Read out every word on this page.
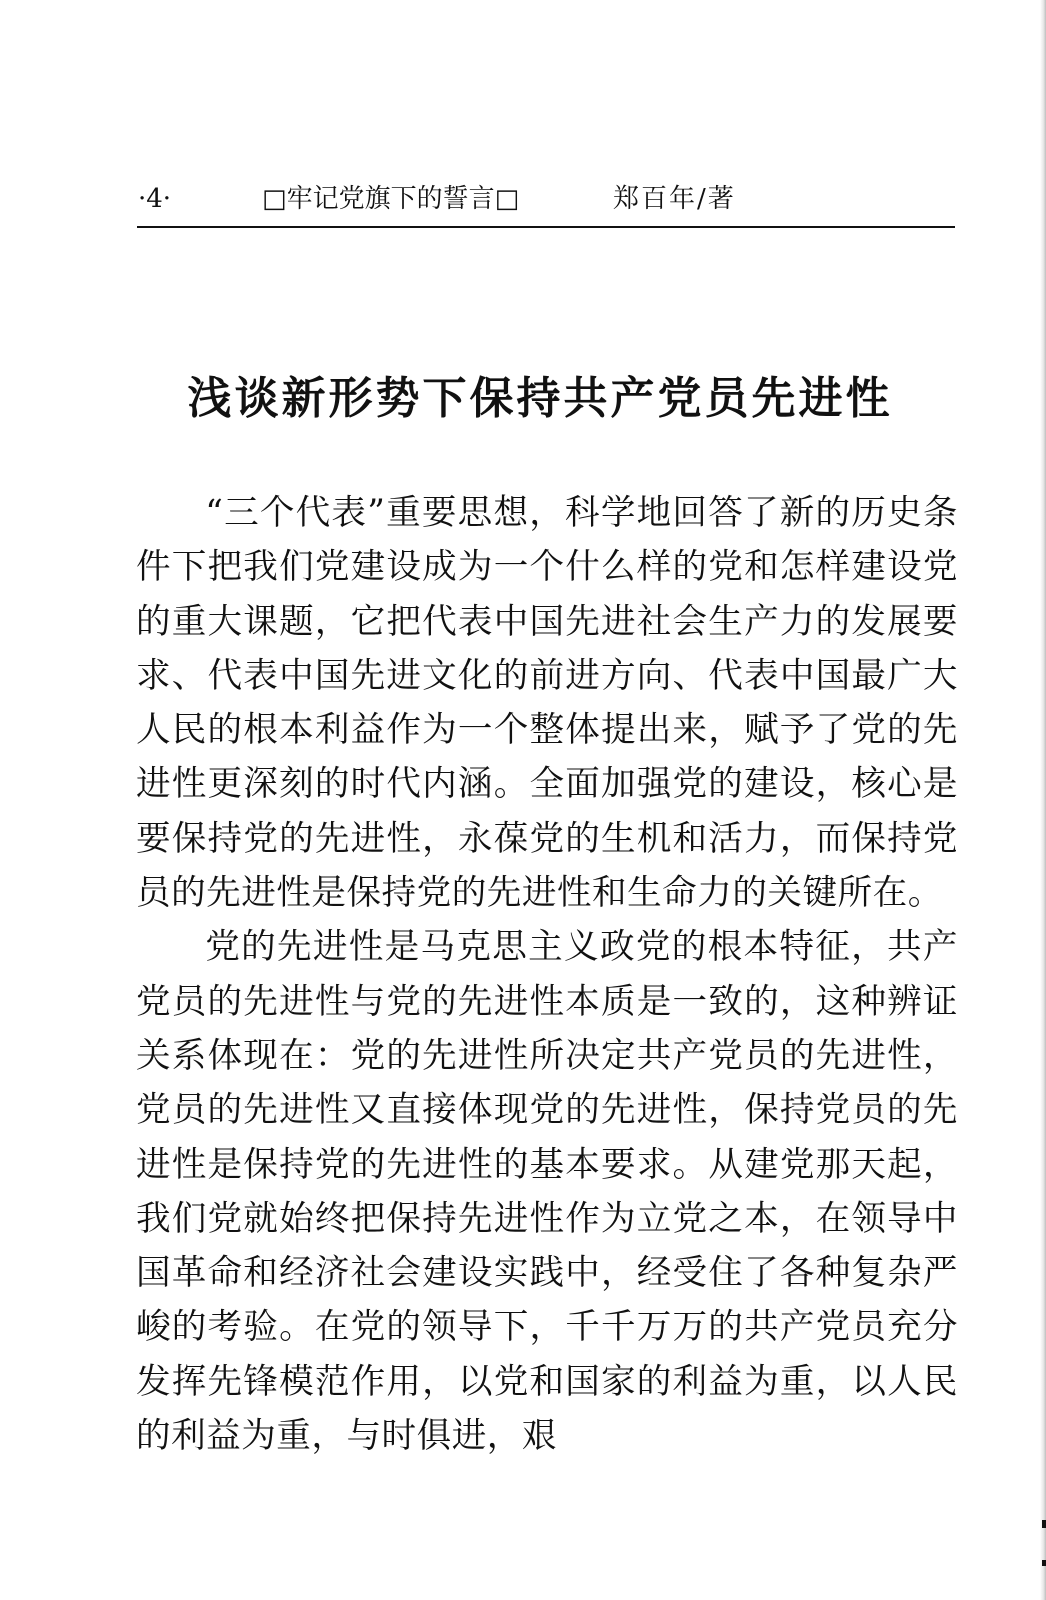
·4·	□牢记党旗下的誓言□	郑百年/著
浅谈新形势下保持共产党员先进性

“三个代表”重要思想，科学地回答了新的历史条件下把我们党建设成为一个什么样的党和怎样建设党的重大课题，它把代表中国先进社会生产力的发展要求、代表中国先进文化的前进方向、代表中国最广大人民的根本利益作为一个整体提出来，赋予了党的先进性更深刻的时代内涵。全面加强党的建设，核心是要保持党的先进性，永葆党的生机和活力，而保持党员的先进性是保持党的先进性和生命力的关键所在。

党的先进性是马克思主义政党的根本特征，共产党员的先进性与党的先进性本质是一致的，这种辨证关系体现在：党的先进性所决定共产党员的先进性，党员的先进性又直接体现党的先进性，保持党员的先进性是保持党的先进性的基本要求。从建党那天起，我们党就始终把保持先进性作为立党之本，在领导中国革命和经济社会建设实践中，经受住了各种复杂严峻的考验。在党的领导下，千千万万的共产党员充分发挥先锋模范作用，以党和国家的利益为重，以人民的利益为重，与时俱进，艰
